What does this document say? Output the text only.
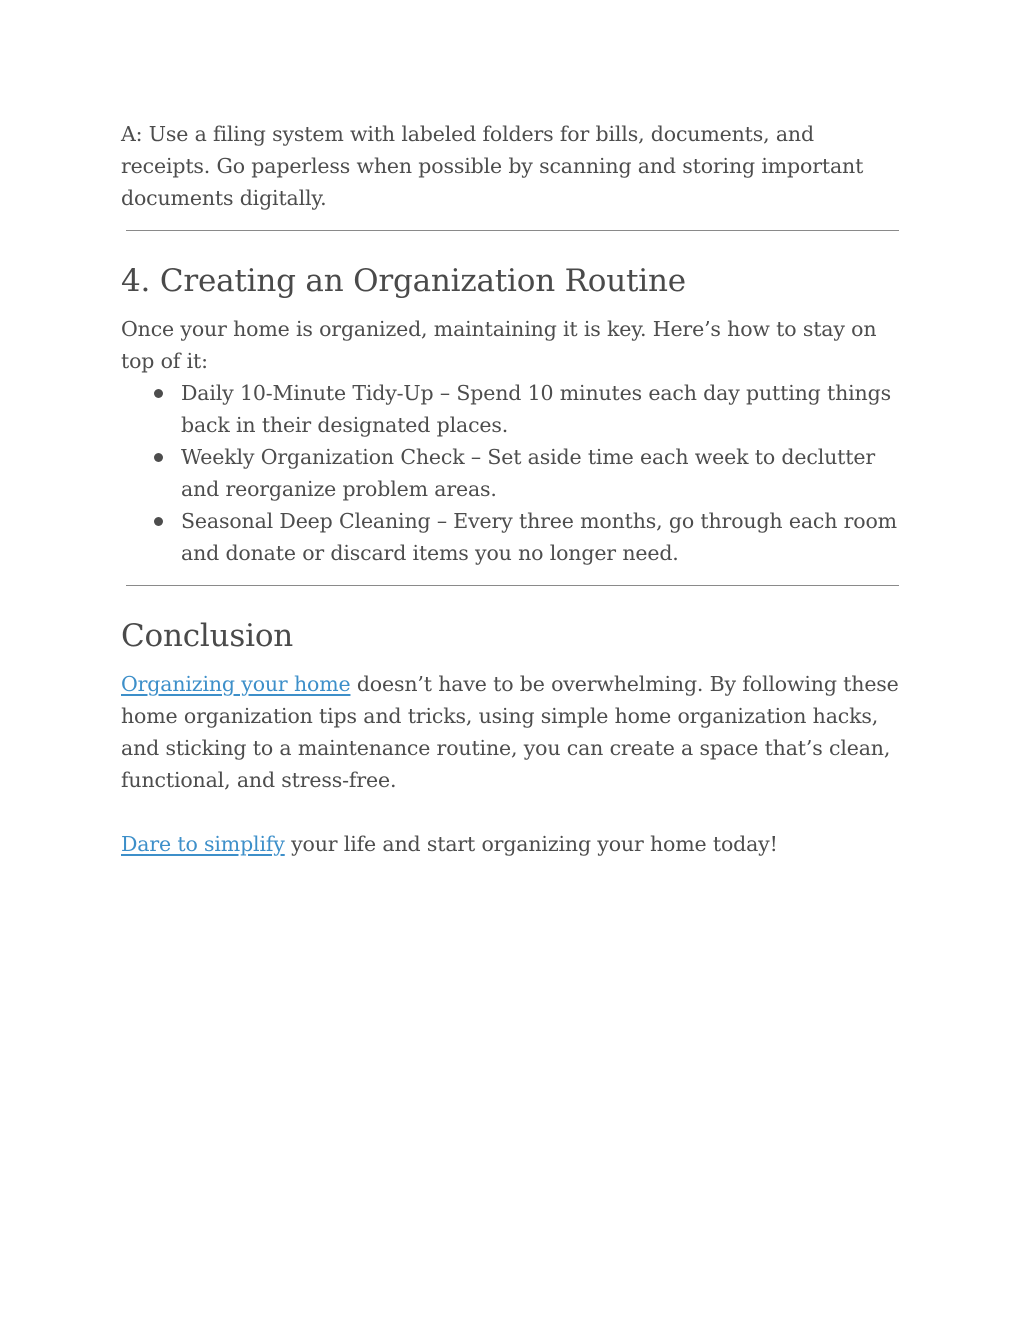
A: Use a filing system with labeled folders for bills, documents, and receipts. Go paperless when possible by scanning and storing important documents digitally.

4. Creating an Organization Routine

Once your home is organized, maintaining it is key. Here’s how to stay on top of it:

Daily 10-Minute Tidy-Up – Spend 10 minutes each day putting things back in their designated places.
Weekly Organization Check – Set aside time each week to declutter and reorganize problem areas.
Seasonal Deep Cleaning – Every three months, go through each room and donate or discard items you no longer need.
Conclusion

Organizing your home doesn’t have to be overwhelming. By following these home organization tips and tricks, using simple home organization hacks, and sticking to a maintenance routine, you can create a space that’s clean, functional, and stress-free.

Dare to simplify your life and start organizing your home today!
